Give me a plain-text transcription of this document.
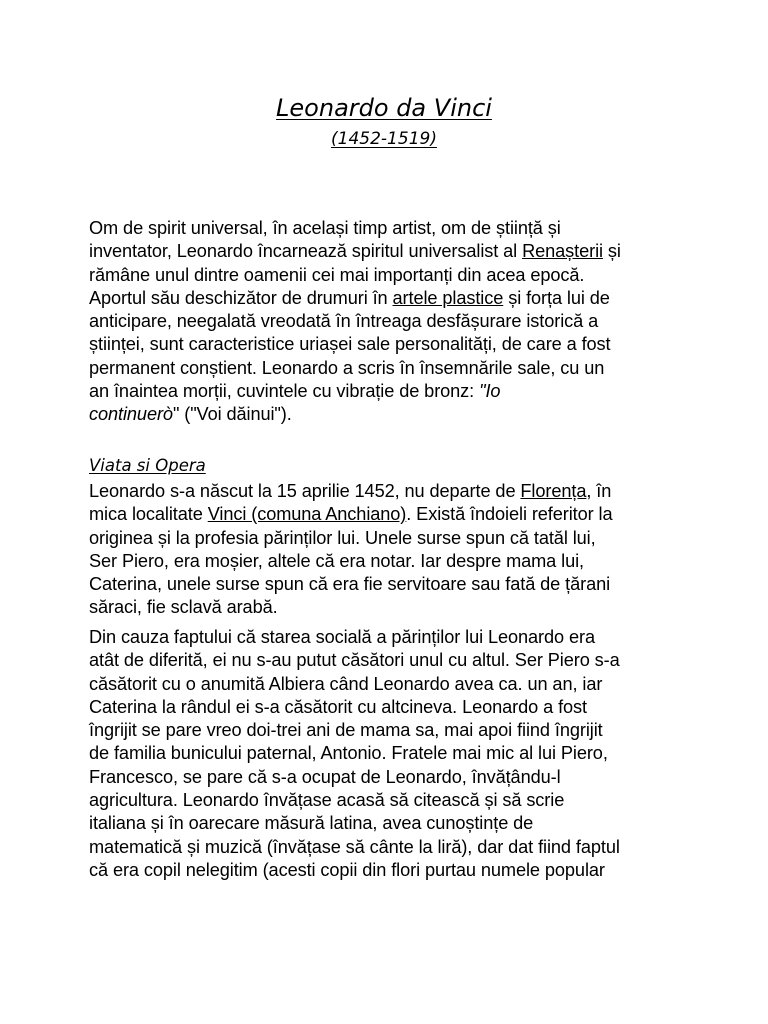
Leonardo da Vinci
(1452-1519)
Om de spirit universal, în același timp artist, om de știință și
inventator, Leonardo încarnează spiritul universalist al Renașterii și
rămâne unul dintre oamenii cei mai importanți din acea epocă.
Aportul său deschizător de drumuri în artele plastice și forța lui de
anticipare, neegalată vreodată în întreaga desfășurare istorică a
științei, sunt caracteristice uriașei sale personalități, de care a fost
permanent conștient. Leonardo a scris în însemnările sale, cu un
an înaintea morții, cuvintele cu vibrație de bronz: "Io
continuerò" ("Voi dăinui").
Viata si Opera
Leonardo s-a născut la 15 aprilie 1452, nu departe de Florența, în
mica localitate Vinci (comuna Anchiano). Există îndoieli referitor la
originea și la profesia părinților lui. Unele surse spun că tatăl lui,
Ser Piero, era moșier, altele că era notar. Iar despre mama lui,
Caterina, unele surse spun că era fie servitoare sau fată de țărani
săraci, fie sclavă arabă.
Din cauza faptului că starea socială a părinților lui Leonardo era
atât de diferită, ei nu s-au putut căsători unul cu altul. Ser Piero s-a
căsătorit cu o anumită Albiera când Leonardo avea ca. un an, iar
Caterina la rândul ei s-a căsătorit cu altcineva. Leonardo a fost
îngrijit se pare vreo doi-trei ani de mama sa, mai apoi fiind îngrijit
de familia bunicului paternal, Antonio. Fratele mai mic al lui Piero,
Francesco, se pare că s-a ocupat de Leonardo, învățându-l
agricultura. Leonardo învățase acasă să citească și să scrie
italiana și în oarecare măsură latina, avea cunoștințe de
matematică și muzică (învățase să cânte la liră), dar dat fiind faptul
că era copil nelegitim (acesti copii din flori purtau numele popular
